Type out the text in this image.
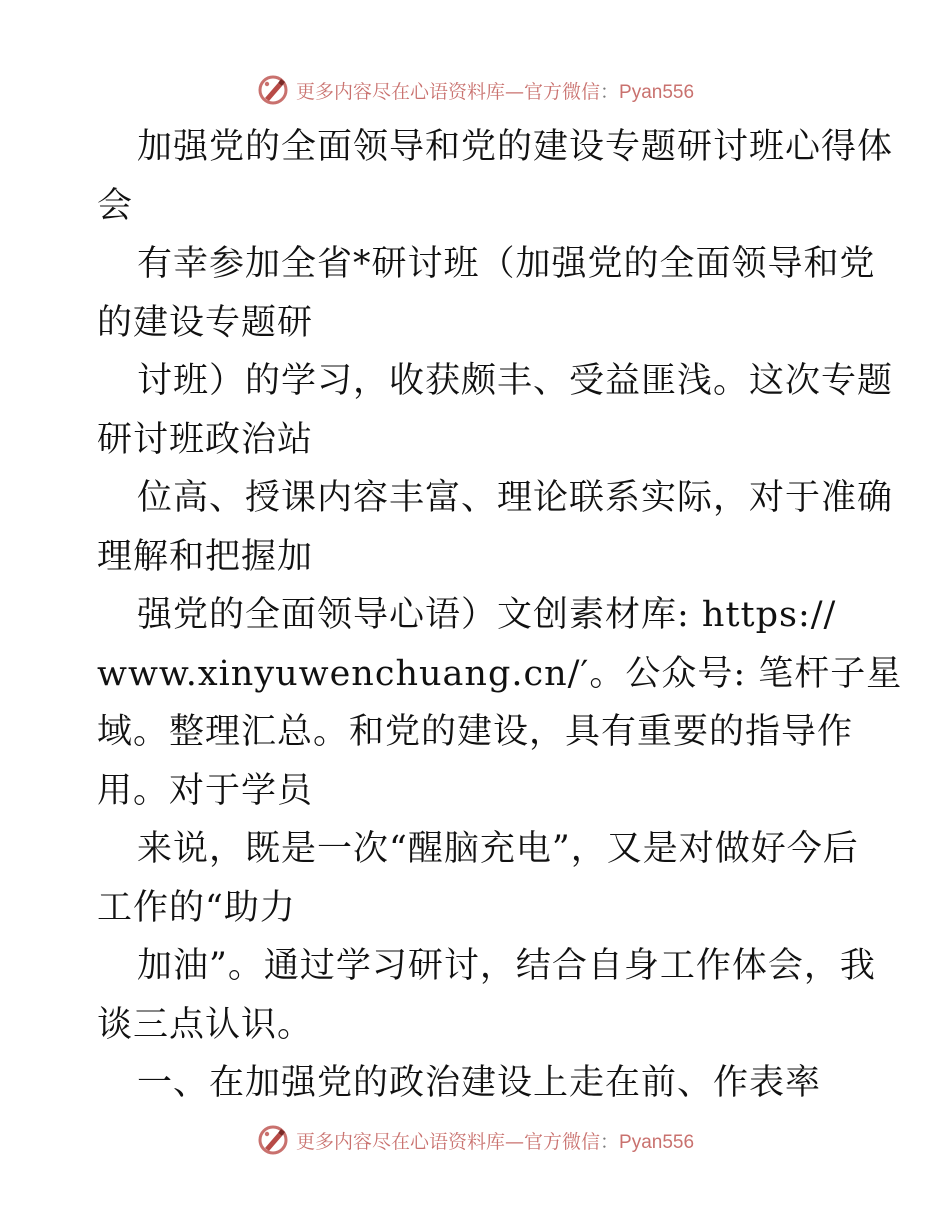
更多内容尽在心语资料库—官方微信：Pyan556
加强党的全面领导和党的建设专题研讨班心得体
会
有幸参加全省*研讨班（加强党的全面领导和党
的建设专题研
讨班）的学习，收获颇丰、受益匪浅。这次专题
研讨班政治站
位高、授课内容丰富、理论联系实际，对于准确
理解和把握加
强党的全面领导心语）文创素材库: https://
www.xinyuwenchuang.cn/′。公众号: 笔杆子星
域。整理汇总。和党的建设，具有重要的指导作
用。对于学员
来说，既是一次“醒脑充电”，又是对做好今后
工作的“助力
加油”。通过学习研讨，结合自身工作体会，我
谈三点认识。
一、在加强党的政治建设上走在前、作表率
更多内容尽在心语资料库—官方微信：Pyan556
